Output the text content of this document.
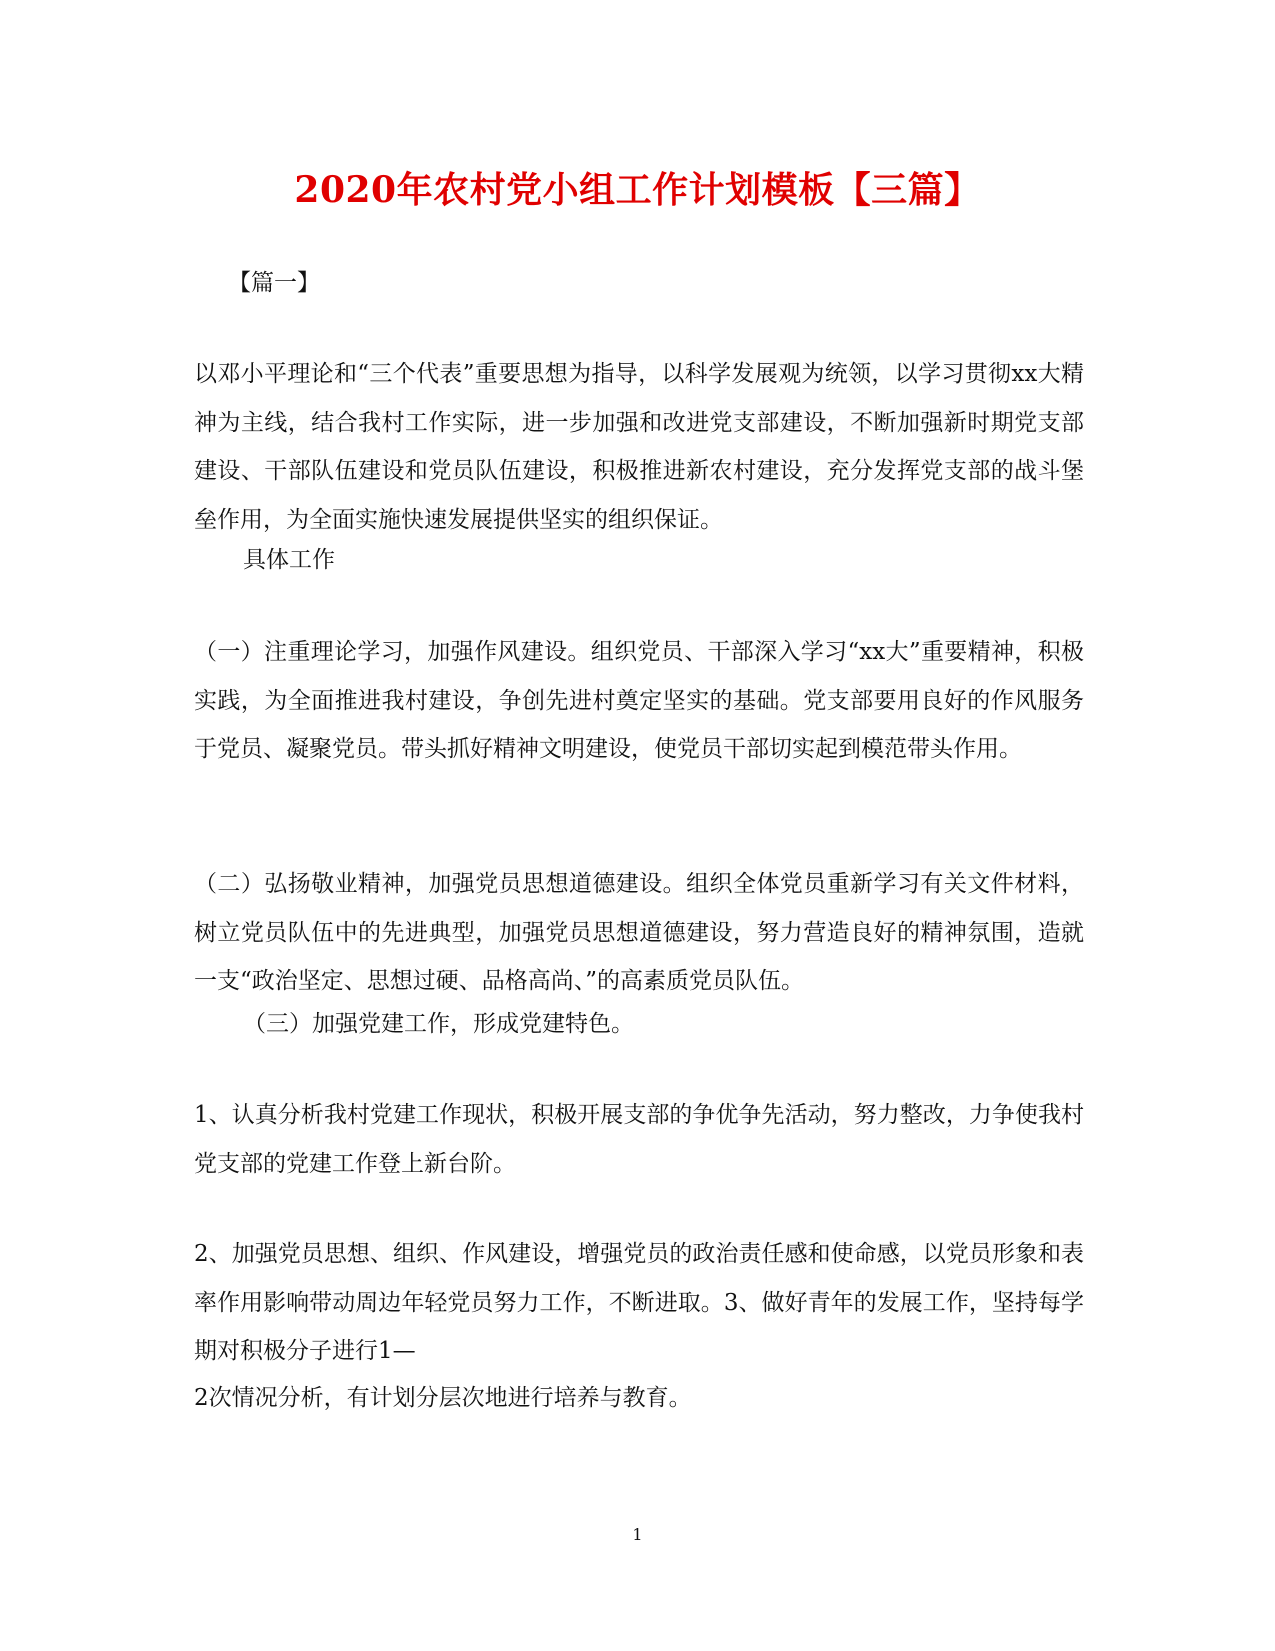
2020年农村党小组工作计划模板【三篇】
【篇一】
以邓小平理论和“三个代表”重要思想为指导，以科学发展观为统领，以学习贯彻xx大精神为主线，结合我村工作实际，进一步加强和改进党支部建设，不断加强新时期党支部建设、干部队伍建设和党员队伍建设，积极推进新农村建设，充分发挥党支部的战斗堡垒作用，为全面实施快速发展提供坚实的组织保证。
具体工作
（一）注重理论学习，加强作风建设。组织党员、干部深入学习“xx大”重要精神，积极实践，为全面推进我村建设，争创先进村奠定坚实的基础。党支部要用良好的作风服务于党员、凝聚党员。带头抓好精神文明建设，使党员干部切实起到模范带头作用。
（二）弘扬敬业精神，加强党员思想道德建设。组织全体党员重新学习有关文件材料，树立党员队伍中的先进典型，加强党员思想道德建设，努力营造良好的精神氛围，造就一支“政治坚定、思想过硬、品格高尚、”的高素质党员队伍。
（三）加强党建工作，形成党建特色。
1、认真分析我村党建工作现状，积极开展支部的争优争先活动，努力整改，力争使我村党支部的党建工作登上新台阶。
2、加强党员思想、组织、作风建设，增强党员的政治责任感和使命感，以党员形象和表率作用影响带动周边年轻党员努力工作，不断进取。3、做好青年的发展工作，坚持每学期对积极分子进行1—
2次情况分析，有计划分层次地进行培养与教育。
1
